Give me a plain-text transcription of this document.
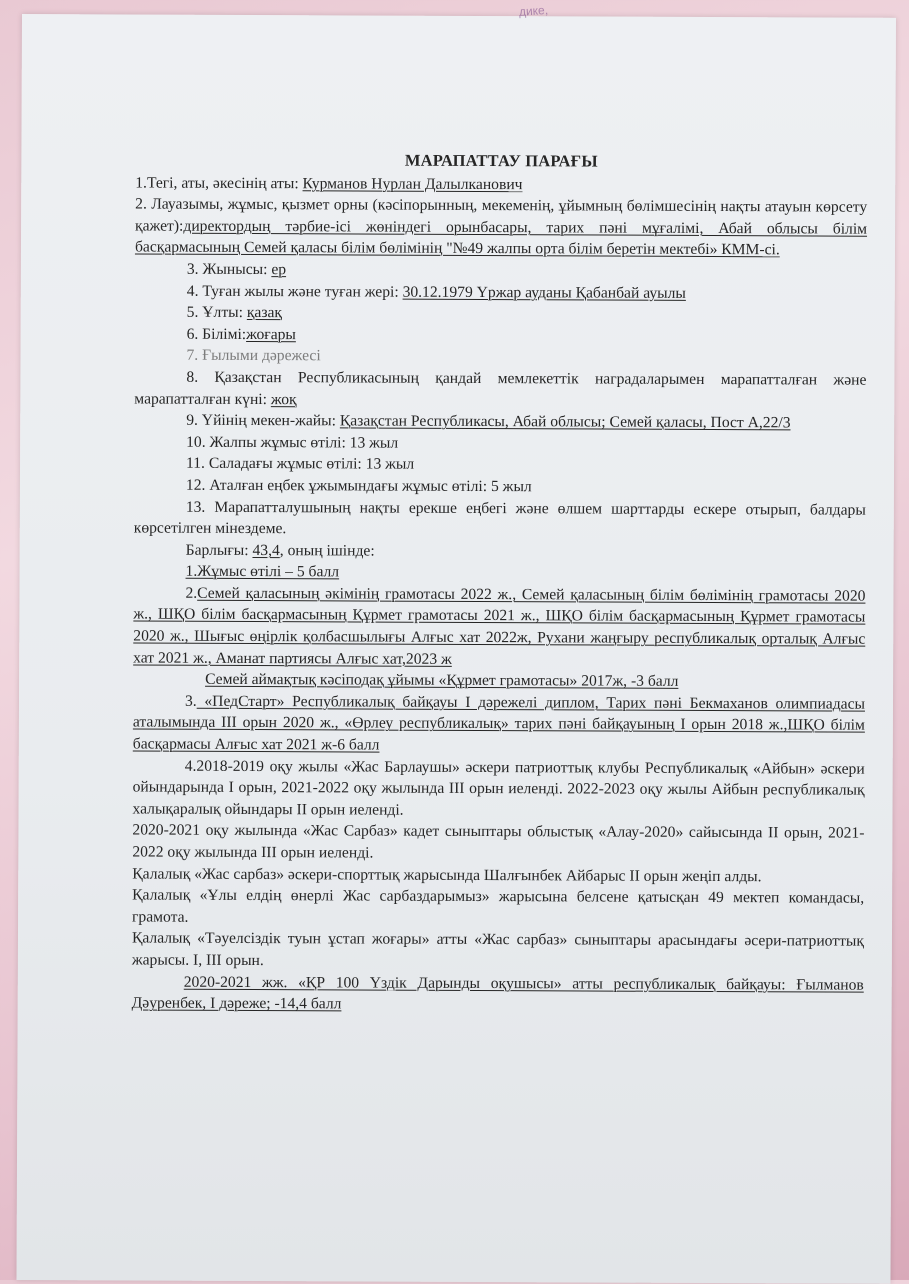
МАРАПАТТАУ ПАРАҒЫ

1.Тегі, аты, әкесінің аты: Курманов Нурлан Далылканович

2. Лауазымы, жұмыс, қызмет орны (кәсіпорынның, мекеменің, ұйымның бөлімшесінің нақты атауын көрсету қажет):директордың тәрбие-ісі жөніндегі орынбасары, тарих пәні мұғалімі, Абай облысы білім басқармасының Семей қаласы білім бөлімінің "№49 жалпы орта білім беретін мектебі» КММ-сі.

3. Жынысы: ер

4. Туған жылы және туған жері: 30.12.1979 Үржар ауданы Қабанбай ауылы

5. Ұлты: қазақ

6. Білімі:жоғары

7. Ғылыми дәрежесі

8. Қазақстан Республикасының қандай мемлекеттік наградаларымен марапатталған және марапатталған күні: жоқ

9. Үйінің мекен-жайы: Қазақстан Республикасы, Абай облысы; Семей қаласы, Пост А,22/3

10. Жалпы жұмыс өтілі: 13 жыл

11. Саладағы жұмыс өтілі: 13 жыл

12. Аталған еңбек ұжымындағы жұмыс өтілі: 5 жыл

13. Марапатталушының нақты ерекше еңбегі және өлшем шарттарды ескере отырып, балдары көрсетілген мінездеме.

Барлығы: 43,4, оның ішінде:

1.Жұмыс өтілі – 5 балл

2.Семей қаласының әкімінің грамотасы 2022 ж., Семей қаласының білім бөлімінің грамотасы 2020 ж., ШҚО білім басқармасының Құрмет грамотасы 2021 ж., ШҚО білім басқармасының Құрмет грамотасы 2020 ж., Шығыс өңірлік қолбасшылығы Алғыс хат 2022ж, Рухани жаңғыру республикалық орталық Алғыс хат 2021 ж., Аманат партиясы Алғыс хат,2023 ж

Семей аймақтық кәсіподақ ұйымы «Құрмет грамотасы» 2017ж, -3 балл

3. «ПедСтарт» Республикалық байқауы I дәрежелі диплом, Тарих пәні Бекмаханов олимпиадасы аталымында III орын 2020 ж., «Өрлеу республикалық» тарих пәні байқауының I орын 2018 ж.,ШҚО білім басқармасы Алғыс хат 2021 ж-6 балл

4.2018-2019 оқу жылы «Жас Барлаушы» әскери патриоттық клубы Республикалық «Айбын» әскери ойындарында I орын, 2021-2022 оқу жылында III орын иеленді. 2022-2023 оқу жылы Айбын республикалық халықаралық ойындары II орын иеленді.

2020-2021 оқу жылында «Жас Сарбаз» кадет сыныптары облыстық «Алау-2020» сайысында II орын, 2021-2022 оқу жылында III орын иеленді.

Қалалық «Жас сарбаз» әскери-спорттық жарысында Шалғынбек Айбарыс II орын жеңіп алды.

Қалалық «Ұлы елдің өнерлі Жас сарбаздарымыз» жарысына белсене қатысқан 49 мектеп командасы, грамота.

Қалалық «Тәуелсіздік туын ұстап жоғары» атты «Жас сарбаз» сыныптары арасындағы әсери-патриоттық жарысы. I, III орын.

2020-2021 жж. «ҚР 100 Үздік Дарынды оқушысы» атты республикалық байқауы: Ғылманов Дәуренбек, I дәреже; -14,4 балл

дике,
